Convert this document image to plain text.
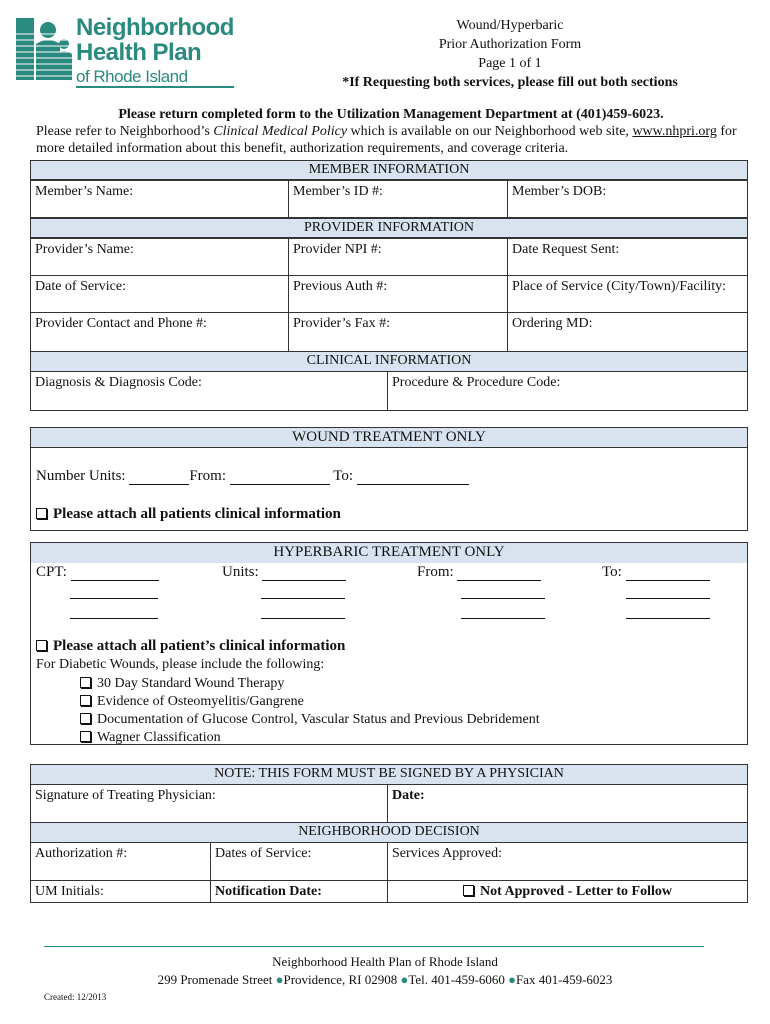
Neighborhood
Health Plan
of Rhode Island
Wound/Hyperbaric
Prior Authorization Form
Page 1 of 1
*If Requesting both services, please fill out both sections
Please return completed form to the Utilization Management Department at (401)459-6023.
Please refer to Neighborhood’s Clinical Medical Policy which is available on our Neighborhood web site, www.nhpri.org for
more detailed information about this benefit, authorization requirements, and coverage criteria.
MEMBER INFORMATION
Member’s Name:	Member’s ID #:	Member’s DOB:
PROVIDER INFORMATION
Provider’s Name:	Provider NPI #:	Date Request Sent:
Date of Service:	Previous Auth #:	Place of Service (City/Town)/Facility:
Provider Contact and Phone #:	Provider’s Fax #:	Ordering MD:
CLINICAL INFORMATION
Diagnosis & Diagnosis Code:	Procedure & Procedure Code:
WOUND TREATMENT ONLY
Number Units:	From:	To:
Please attach all patients clinical information
HYPERBARIC TREATMENT ONLY
CPT:	Units:	From:	To:
Please attach all patient’s clinical information
For Diabetic Wounds, please include the following:
30 Day Standard Wound Therapy
Evidence of Osteomyelitis/Gangrene
Documentation of Glucose Control, Vascular Status and Previous Debridement
Wagner Classification
NOTE: THIS FORM MUST BE SIGNED BY A PHYSICIAN
Signature of Treating Physician:	Date:
NEIGHBORHOOD DECISION
Authorization #:	Dates of Service:	Services Approved:
UM Initials:	Notification Date:	Not Approved - Letter to Follow
Neighborhood Health Plan of Rhode Island
299 Promenade Street ●Providence, RI 02908 ●Tel. 401-459-6060 ●Fax 401-459-6023
Created: 12/2013
